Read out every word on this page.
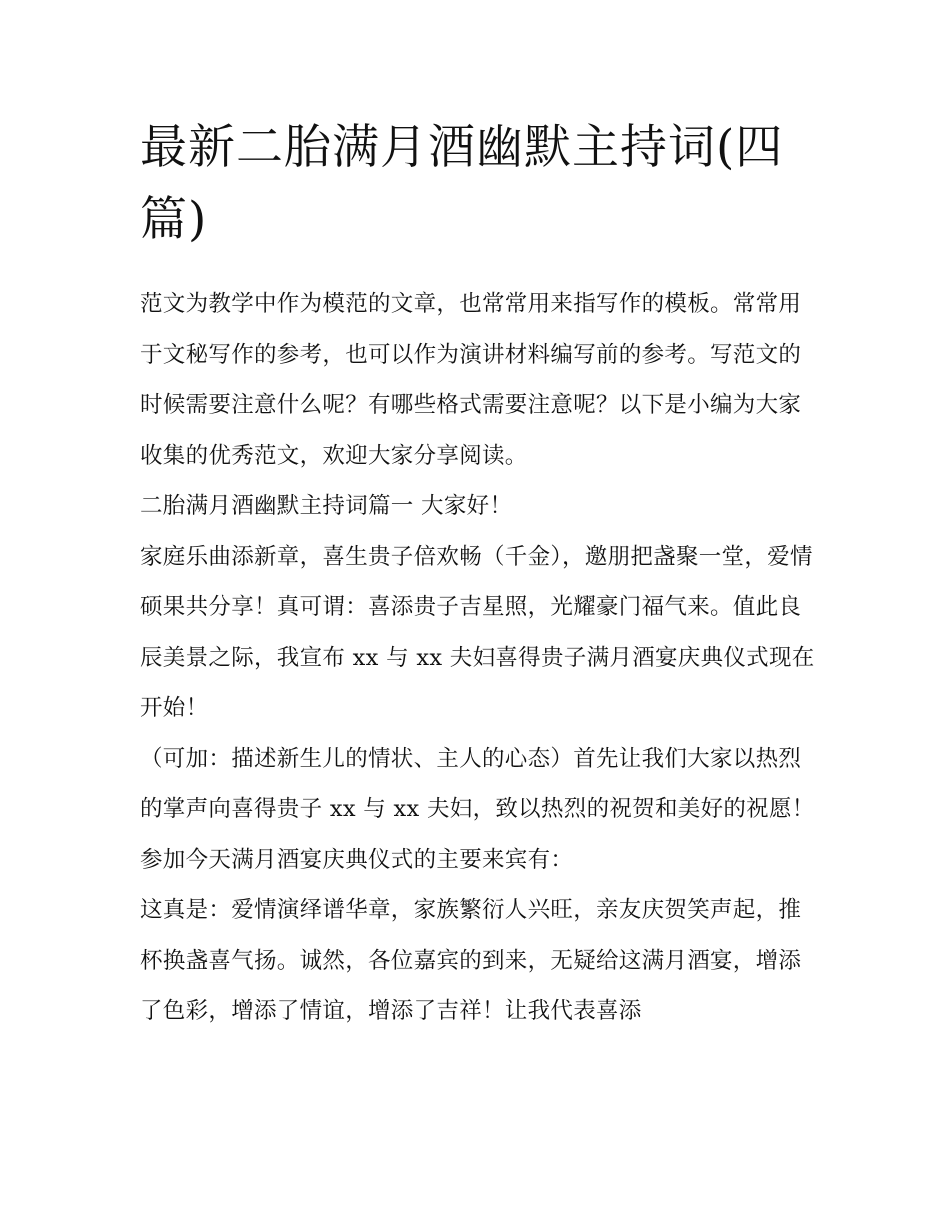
最新二胎满月酒幽默主持词(四篇)

范文为教学中作为模范的文章，也常常用来指写作的模板。常常用于文秘写作的参考，也可以作为演讲材料编写前的参考。写范文的时候需要注意什么呢？有哪些格式需要注意呢？以下是小编为大家收集的优秀范文，欢迎大家分享阅读。

二胎满月酒幽默主持词篇一 大家好！

家庭乐曲添新章，喜生贵子倍欢畅（千金），邀朋把盏聚一堂，爱情硕果共分享！真可谓：喜添贵子吉星照，光耀豪门福气来。值此良辰美景之际，我宣布 xx 与 xx 夫妇喜得贵子满月酒宴庆典仪式现在开始！

（可加：描述新生儿的情状、主人的心态）首先让我们大家以热烈的掌声向喜得贵子 xx 与 xx 夫妇，致以热烈的祝贺和美好的祝愿！

参加今天满月酒宴庆典仪式的主要来宾有：

这真是：爱情演绎谱华章，家族繁衍人兴旺，亲友庆贺笑声起，推杯换盏喜气扬。诚然，各位嘉宾的到来，无疑给这满月酒宴，增添了色彩，增添了情谊，增添了吉祥！让我代表喜添
